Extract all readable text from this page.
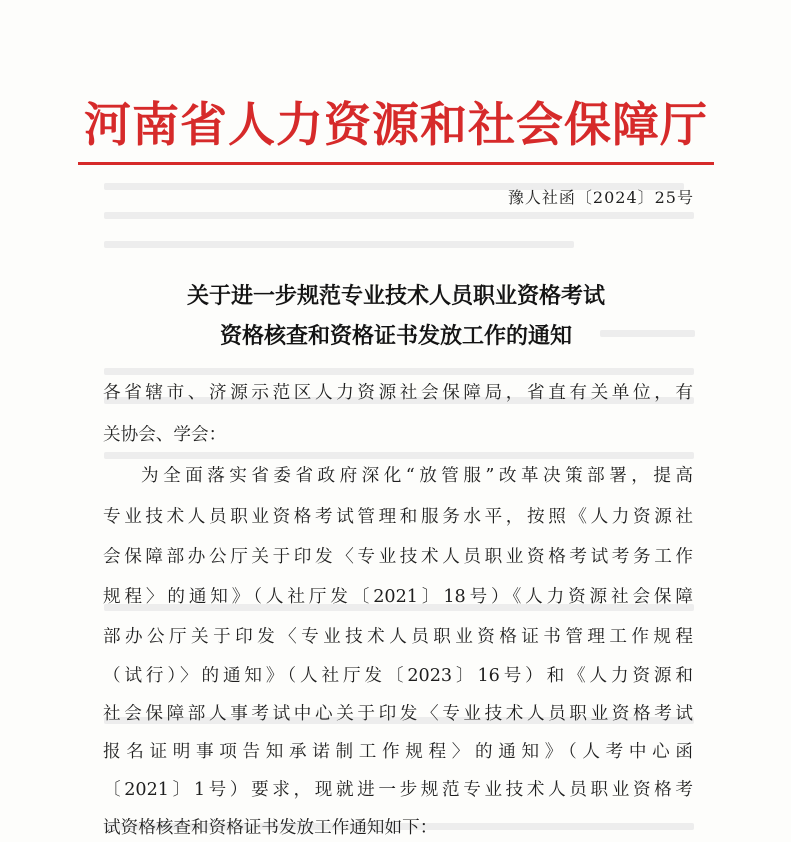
河南省人力资源和社会保障厅
豫人社函〔2024〕25号
关于进一步规范专业技术人员职业资格考试
资格核查和资格证书发放工作的通知
各省辖市、济源示范区人力资源社会保障局，省直有关单位，有
关协会、学会：
为全面落实省委省政府深化“放管服”改革决策部署，提高
专业技术人员职业资格考试管理和服务水平，按照《人力资源社
会保障部办公厅关于印发〈专业技术人员职业资格考试考务工作
规程〉的通知》（人社厅发〔2021〕18号）《人力资源社会保障
部办公厅关于印发〈专业技术人员职业资格证书管理工作规程
（试行）〉的通知》（人社厅发〔2023〕16号）和《人力资源和
社会保障部人事考试中心关于印发〈专业技术人员职业资格考试
报名证明事项告知承诺制工作规程〉的通知》（人考中心函
〔2021〕1号）要求，现就进一步规范专业技术人员职业资格考
试资格核查和资格证书发放工作通知如下：
